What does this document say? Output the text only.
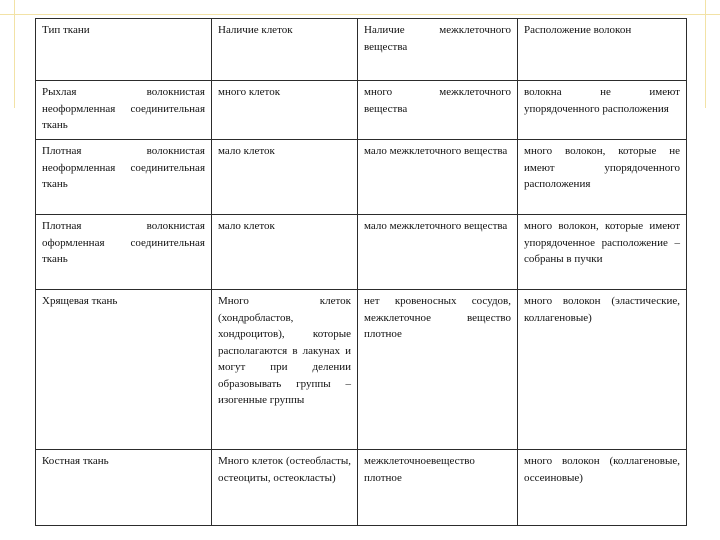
Тип ткани	Наличие клеток	Наличие межклеточного вещества	Расположение волокон
Рыхлая волокнистая неоформленная соединительная ткань	много клеток	много межклеточного вещества	волокна не имеют упорядоченного расположения
Плотная волокнистая неоформленная соединительная ткань	мало клеток	мало межклеточного вещества	много волокон, которые не имеют упорядоченного расположения
Плотная волокнистая оформленная соединительная ткань	мало клеток	мало межклеточного вещества	много волокон, которые имеют упорядоченное расположение – собраны в пучки
Хрящевая ткань	Много клеток (хондробластов, хондроцитов), которые располагаются в лакунах и могут при делении образовывать группы – изогенные группы	нет кровеносных сосудов, межклеточное вещество плотное	много волокон (эластические, коллагеновые)
Костная ткань	Много клеток (остеобласты, остеоциты, остеокласты)	межклеточноевещество плотное	много волокон (коллагеновые, оссеиновые)
